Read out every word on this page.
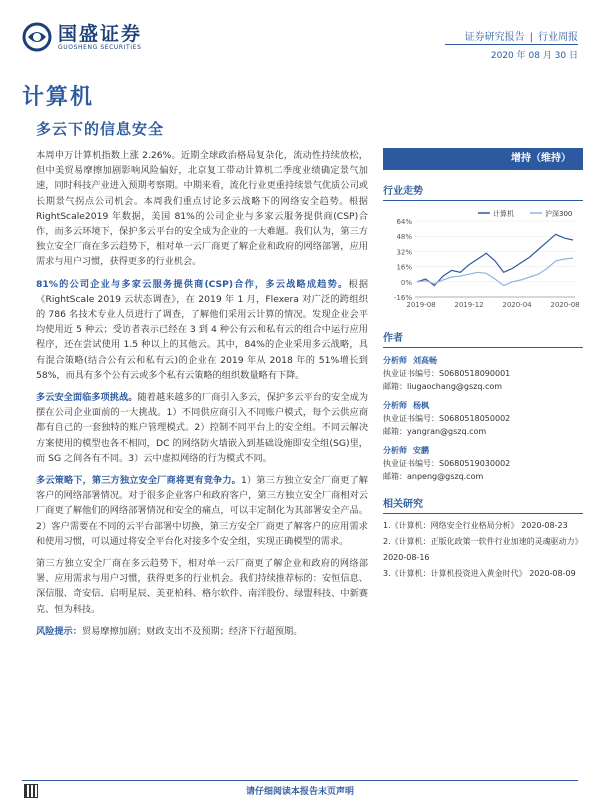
国盛证券
GUOSHENG SECURITIES
证券研究报告 | 行业周报
2020 年 08 月 30 日
计算机
多云下的信息安全

本周申万计算机指数上涨 2.26%。近期全球政治格局复杂化，流动性持续放松，但中美贸易摩擦加剧影响风险偏好，北京复工带动计算机二季度业绩确定景气加速，同时科技产业进入预期考察期。中期来看，流化行业更重持续景气优质公司或长期景气拐点公司机会。本周我们重点讨论多云战略下的网络安全趋势。根据 RightScale2019 年数据，美国 81%的公司企业与多家云服务提供商(CSP)合作，而多云环境下，保护多云平台的安全成为企业的一大难题。我们认为，第三方独立安全厂商在多云趋势下，相对单一云厂商更了解企业和政府的网络部署，应用需求与用户习惯，获得更多的行业机会。

81%的公司企业与多家云服务提供商(CSP)合作，多云战略成趋势。根据《RightScale 2019 云状态调查》，在 2019 年 1 月，Flexera 对广泛的跨组织的 786 名技术专业人员进行了调查，了解他们采用云计算的情况。发现企业会平均使用近 5 种云；受访者表示已经在 3 到 4 种公有云和私有云的组合中运行应用程序，还在尝试使用 1.5 种以上的其他云。其中，84%的企业采用多云战略，具有混合策略(结合公有云和私有云)的企业在 2019 年从 2018 年的 51%增长到 58%，而具有多个公有云或多个私有云策略的组织数量略有下降。

多云安全面临多项挑战。随着越来越多的厂商引入多云，保护多云平台的安全成为摆在公司企业面前的一大挑战。1）不同供应商引入不同账户模式，每个云供应商都有自己的一套独特的账户管理模式。2）控制不同平台上的安全组。不同云解决方案使用的模型也各不相同，DC 的网络防火墙嵌入到基础设施即安全组(SG)里，而 SG 之间各有不同。3）云中虚拟网络的行为模式不同。

多云策略下，第三方独立安全厂商将更有竞争力。1）第三方独立安全厂商更了解客户的网络部署情况。对于很多企业客户和政府客户，第三方独立安全厂商相对云厂商更了解他们的网络部署情况和安全的痛点，可以丰定制化为其部署安全产品。2）客户需要在不同的云平台部署中切换，第三方安全厂商更了解客户的应用需求和使用习惯，可以通过将安全平台化对接多个安全组，实现正确模型的需求。

第三方独立安全厂商在多云趋势下，相对单一云厂商更了解企业和政府的网络部署、应用需求与用户习惯，获得更多的行业机会。我们持续推荐标的：安恒信息、深信服、奇安信、启明星辰、美亚柏科、格尔软件、南洋股份、绿盟科技、中新赛克、恒为科技。

风险提示：贸易摩擦加剧；财政支出不及预期；经济下行超预期。

增持（维持）
行业走势
-16%
0%
16%
32%
48%
64%
2019-08	2019-12	2020-04	2020-08
计算机	沪深300
作者
分析师 刘高畅
执业证书编号：S0680518090001
邮箱：liugaochang@gszq.com
分析师 杨枫
执业证书编号：S0680518050002
邮箱：yangran@gszq.com
分析师 安鹏
执业证书编号：S0680519030002
邮箱：anpeng@gszq.com
相关研究
1.《计算机：网络安全行业格局分析》 2020-08-23
2.《计算机：正版化政策一软件行业加速的灵魂驱动力》
2020-08-16
3.《计算机：计算机投资进入黄金时代》 2020-08-09
请仔细阅读本报告末页声明
